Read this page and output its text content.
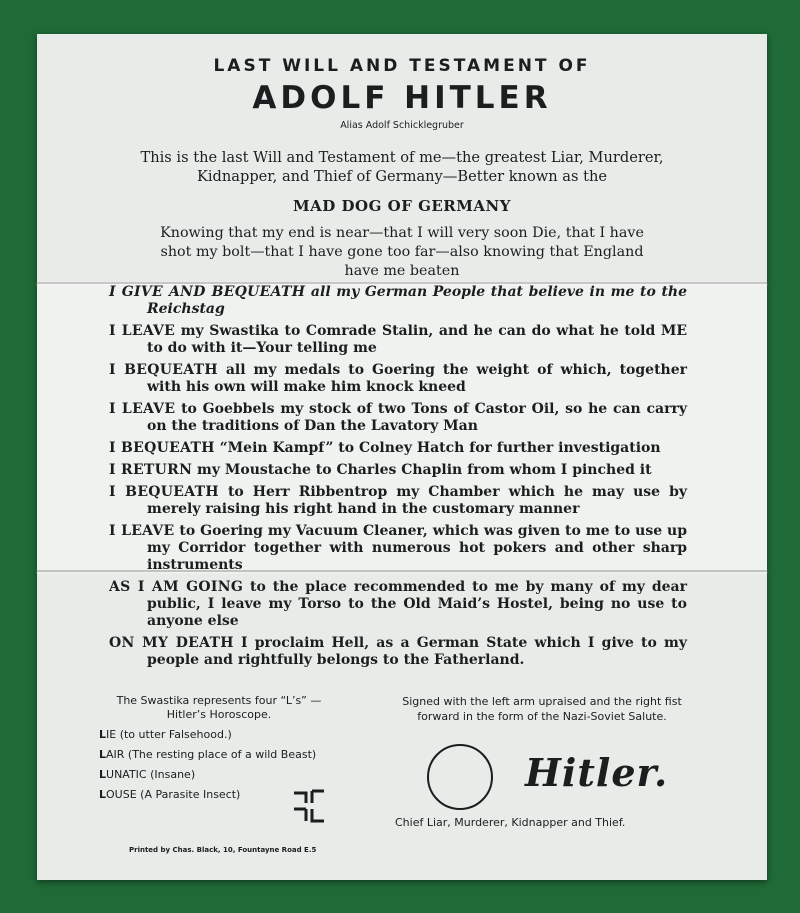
LAST WILL AND TESTAMENT OF
ADOLF HITLER
Alias Adolf Schicklegruber
This is the last Will and Testament of me—the greatest Liar, Murderer,
Kidnapper, and Thief of Germany—Better known as the
MAD DOG OF GERMANY
Knowing that my end is near—that I will very soon Die, that I have
shot my bolt—that I have gone too far—also knowing that England
have me beaten
I GIVE AND BEQUEATH all my German People that believe in me to the Reichstag
I LEAVE my Swastika to Comrade Stalin, and he can do what he told ME to do with it—Your telling me
I BEQUEATH all my medals to Goering the weight of which, together with his own will make him knock kneed
I LEAVE to Goebbels my stock of two Tons of Castor Oil, so he can carry on the traditions of Dan the Lavatory Man
I BEQUEATH “Mein Kampf” to Colney Hatch for further investigation
I RETURN my Moustache to Charles Chaplin from whom I pinched it
I BEQUEATH to Herr Ribbentrop my Chamber which he may use by merely raising his right hand in the customary manner
I LEAVE to Goering my Vacuum Cleaner, which was given to me to use up my Corridor together with numerous hot pokers and other sharp instruments
AS I AM GOING to the place recommended to me by many of my dear public, I leave my Torso to the Old Maid’s Hostel, being no use to anyone else
ON MY DEATH I proclaim Hell, as a German State which I give to my people and rightfully belongs to the Fatherland.
The Swastika represents four “L’s” —Hitler’s Horoscope.
LIE (to utter Falsehood.)
LAIR (The resting place of a wild Beast)
LUNATIC (Insane)
LOUSE (A Parasite Insect)
Signed with the left arm upraised and the right fist forward in the form of the Nazi-Soviet Salute.
Hitler.
Chief Liar, Murderer, Kidnapper and Thief.
Printed by Chas. Black, 10, Fountayne Road E.5
